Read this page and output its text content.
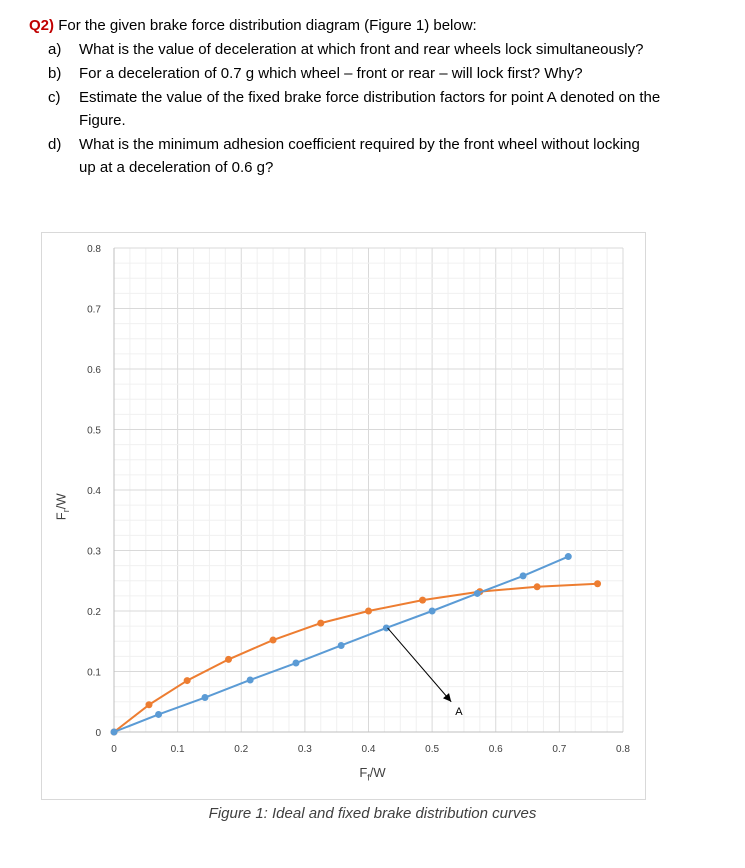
Q2) For the given brake force distribution diagram (Figure 1) below:
a) What is the value of deceleration at which front and rear wheels lock simultaneously?
b) For a deceleration of 0.7 g which wheel – front or rear – will lock first? Why?
c) Estimate the value of the fixed brake force distribution factors for point A denoted on the
Figure.
d) What is the minimum adhesion coefficient required by the front wheel without locking
up at a deceleration of 0.6 g?
0	0.1	0.2	0.3	0.4	0.5	0.6	0.7	0.8
0
0.1
0.2
0.3
0.4
0.5
0.6
0.7
0.8
A
$F_r/W$
$F_f/W$
Figure 1: Ideal and fixed brake distribution curves
